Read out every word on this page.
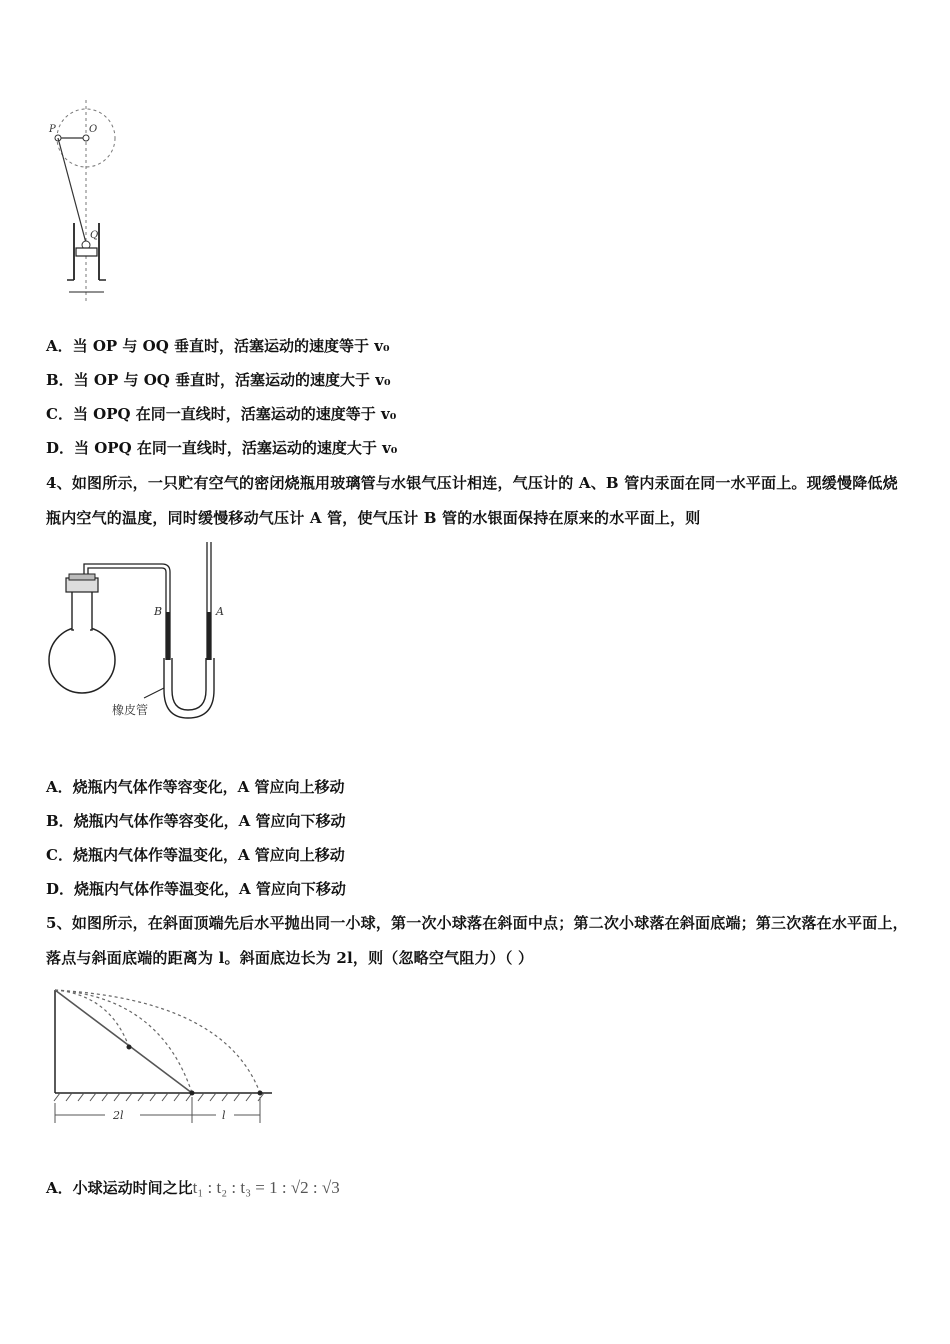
P	O
Q
A．当 OP 与 OQ 垂直时，活塞运动的速度等于 v₀
B．当 OP 与 OQ 垂直时，活塞运动的速度大于 v₀
C．当 OPQ 在同一直线时，活塞运动的速度等于 v₀
D．当 OPQ 在同一直线时，活塞运动的速度大于 v₀
4、如图所示，一只贮有空气的密闭烧瓶用玻璃管与水银气压计相连，气压计的 A、B 管内汞面在同一水平面上。现缓慢降低烧瓶内空气的温度，同时缓慢移动气压计 A 管，使气压计 B 管的水银面保持在原来的水平面上，则
B	A
橡皮管
A．烧瓶内气体作等容变化，A 管应向上移动
B．烧瓶内气体作等容变化，A 管应向下移动
C．烧瓶内气体作等温变化，A 管应向上移动
D．烧瓶内气体作等温变化，A 管应向下移动
5、如图所示，在斜面顶端先后水平抛出同一小球，第一次小球落在斜面中点；第二次小球落在斜面底端；第三次落在水平面上，落点与斜面底端的距离为 l。斜面底边长为 2l，则（忽略空气阻力）（ ）
2l	l
A．小球运动时间之比t₁ : t₂ : t₃ = 1 : √2 : √3
